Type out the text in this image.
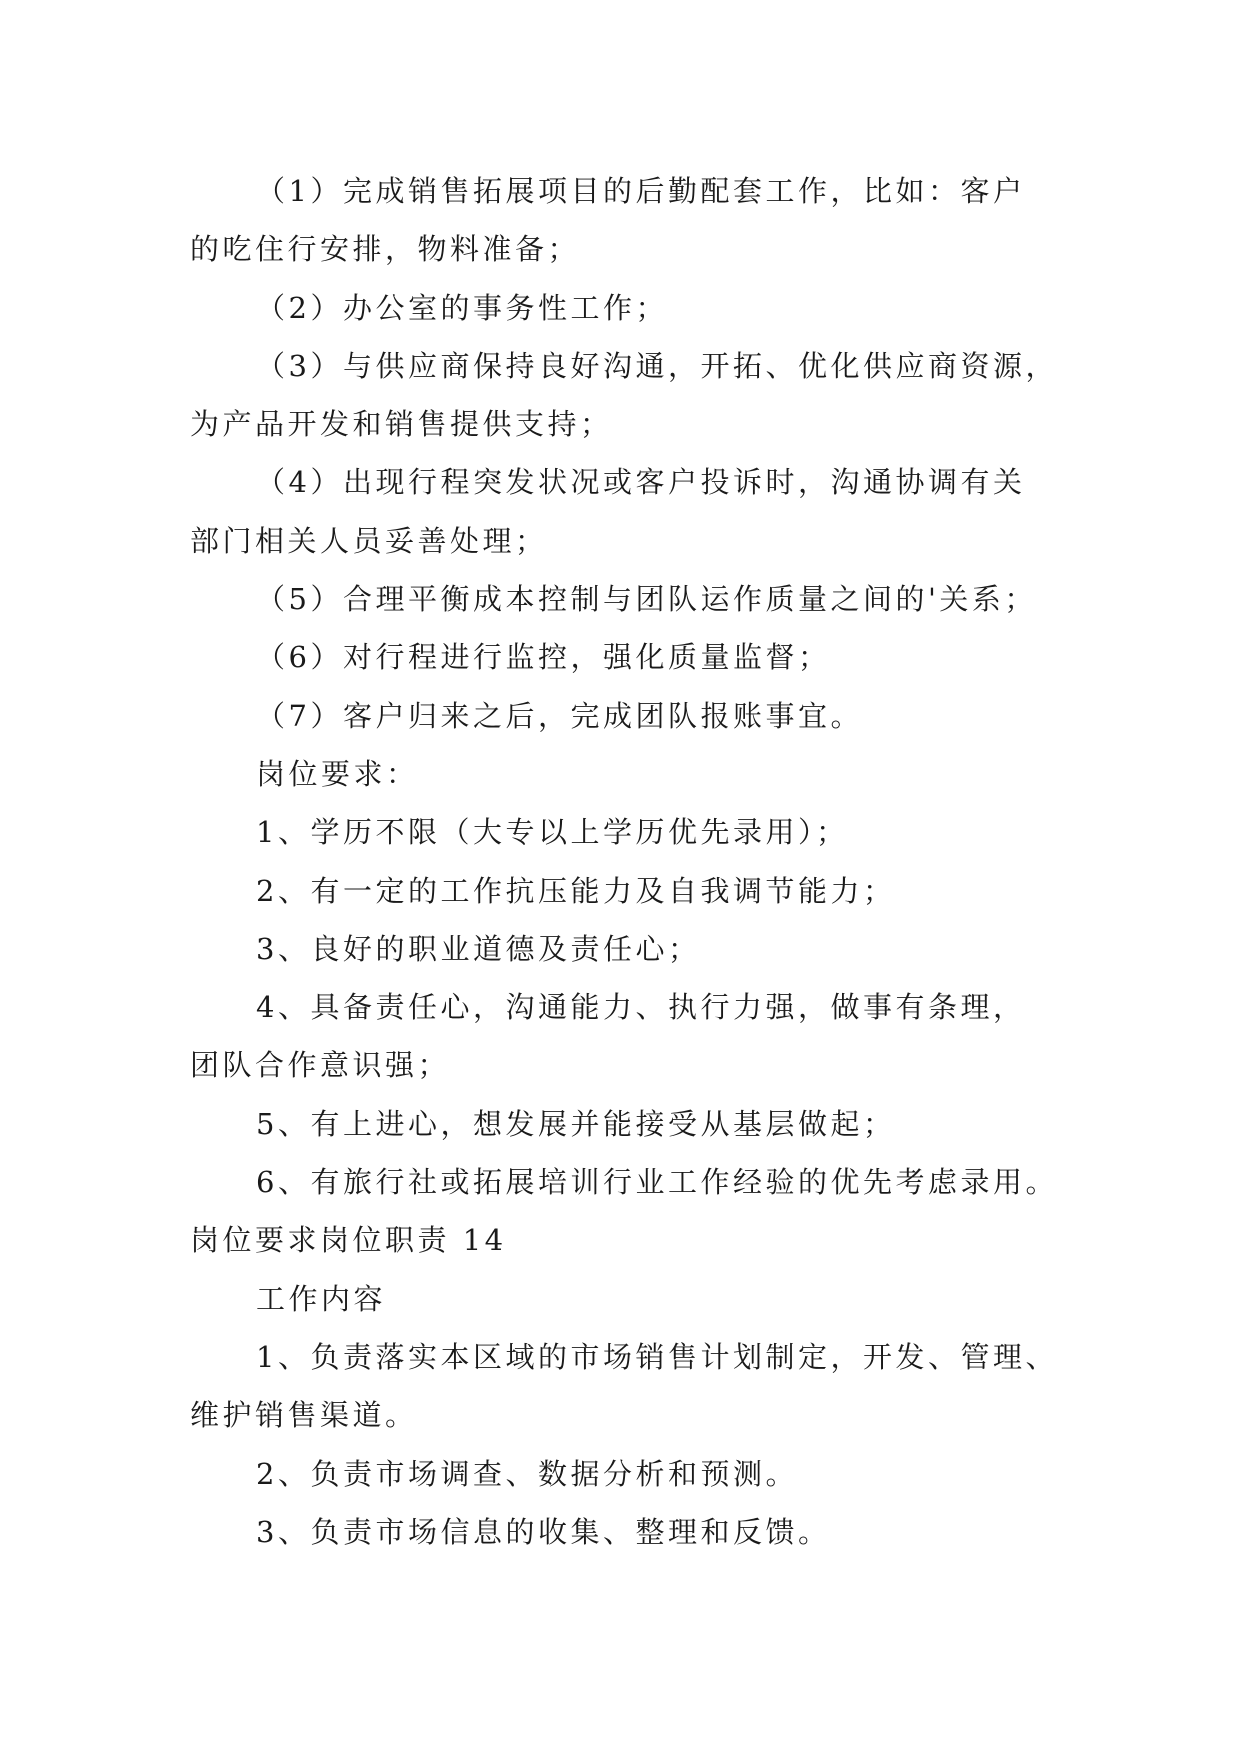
（1）完成销售拓展项目的后勤配套工作，比如：客户
的吃住行安排，物料准备；
（2）办公室的事务性工作；
（3）与供应商保持良好沟通，开拓、优化供应商资源，
为产品开发和销售提供支持；
（4）出现行程突发状况或客户投诉时，沟通协调有关
部门相关人员妥善处理；
（5）合理平衡成本控制与团队运作质量之间的'关系；
（6）对行程进行监控，强化质量监督；
（7）客户归来之后，完成团队报账事宜。
岗位要求：
1、学历不限（大专以上学历优先录用）；
2、有一定的工作抗压能力及自我调节能力；
3、良好的职业道德及责任心；
4、具备责任心，沟通能力、执行力强，做事有条理，
团队合作意识强；
5、有上进心，想发展并能接受从基层做起；
6、有旅行社或拓展培训行业工作经验的优先考虑录用。
岗位要求岗位职责 14
工作内容
1、负责落实本区域的市场销售计划制定，开发、管理、
维护销售渠道。
2、负责市场调查、数据分析和预测。
3、负责市场信息的收集、整理和反馈。
